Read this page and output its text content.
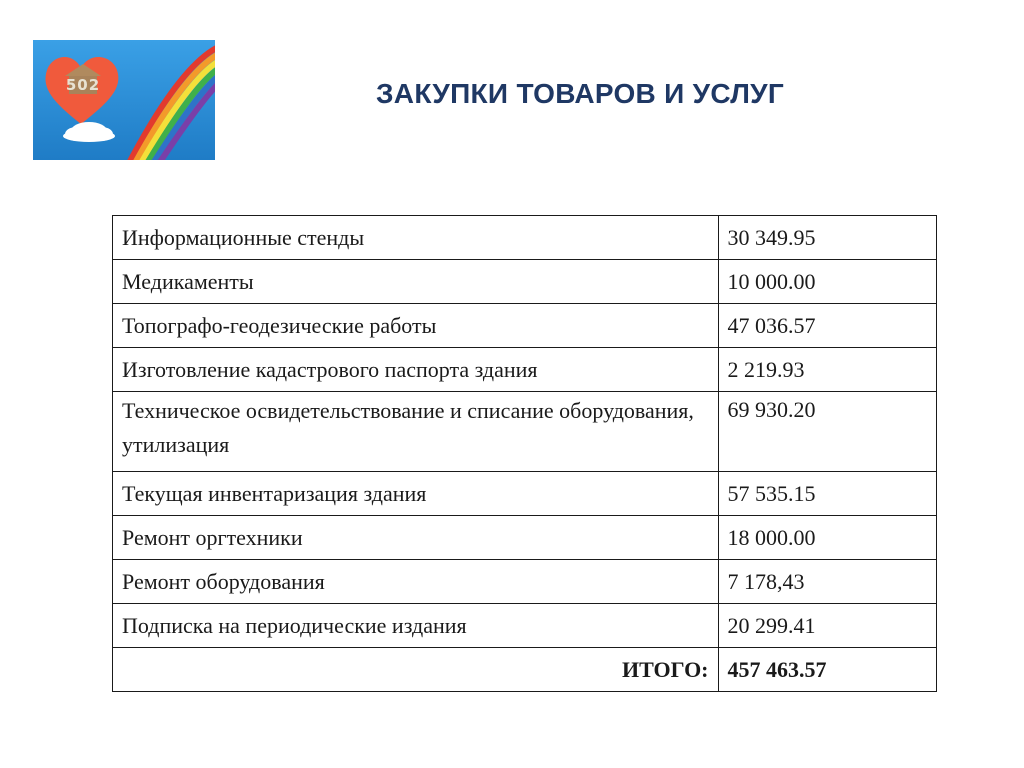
502	ЗАКУПКИ ТОВАРОВ И УСЛУГ
Информационные стенды	30 349.95
Медикаменты	10 000.00
Топографо-геодезические работы	47 036.57
Изготовление кадастрового паспорта здания	2 219.93
Техническое освидетельствование и списание оборудования, утилизация	69 930.20
Текущая инвентаризация здания	57 535.15
Ремонт оргтехники	18 000.00
Ремонт оборудования	7 178,43
Подписка на периодические издания	20 299.41
ИТОГО:	457 463.57
